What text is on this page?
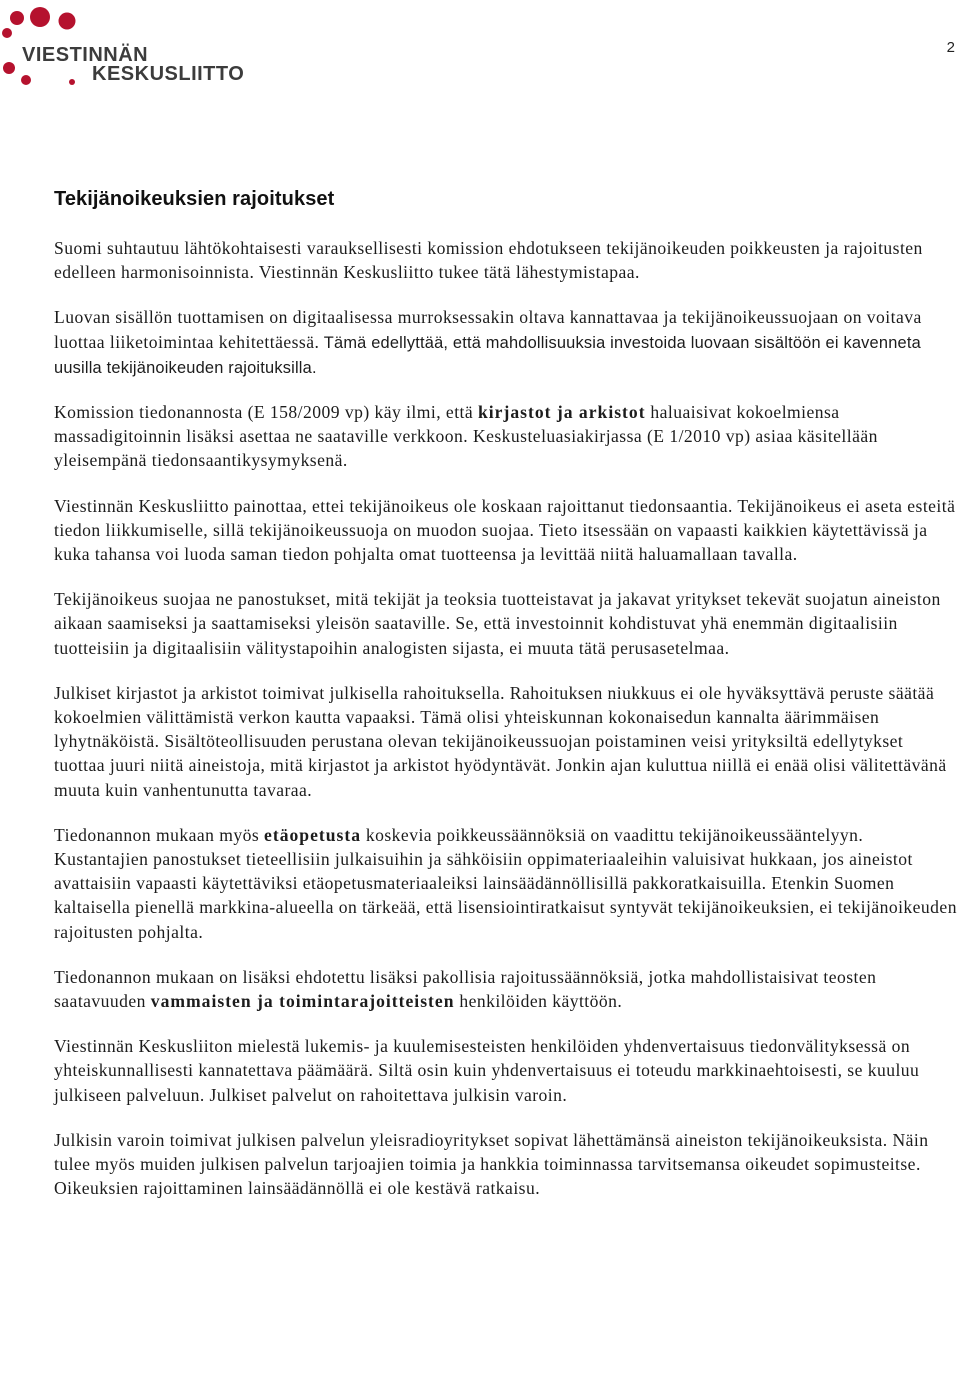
VIESTINNÄN
KESKUSLIITTO
2
Tekijänoikeuksien rajoitukset

Suomi suhtautuu lähtökohtaisesti varauksellisesti komission ehdotukseen tekijänoikeuden poikkeusten ja rajoitusten edelleen harmonisoinnista. Viestinnän Keskusliitto tukee tätä lähestymistapaa.

Luovan sisällön tuottamisen on digitaalisessa murroksessakin oltava kannattavaa ja tekijänoikeussuojaan on voitava luottaa liiketoimintaa kehitettäessä. Tämä edellyttää, että mahdollisuuksia investoida luovaan sisältöön ei kavenneta uusilla tekijänoikeuden rajoituksilla.

Komission tiedonannosta (E 158/2009 vp) käy ilmi, että kirjastot ja arkistot haluaisivat kokoelmiensa massadigitoinnin lisäksi asettaa ne saataville verkkoon. Keskusteluasiakirjassa (E 1/2010 vp) asiaa käsitellään yleisempänä tiedonsaantikysymyksenä.

Viestinnän Keskusliitto painottaa, ettei tekijänoikeus ole koskaan rajoittanut tiedonsaantia. Tekijänoikeus ei aseta esteitä tiedon liikkumiselle, sillä tekijänoikeussuoja on muodon suojaa. Tieto itsessään on vapaasti kaikkien käytettävissä ja kuka tahansa voi luoda saman tiedon pohjalta omat tuotteensa ja levittää niitä haluamallaan tavalla.

Tekijänoikeus suojaa ne panostukset, mitä tekijät ja teoksia tuotteistavat ja jakavat yritykset tekevät suojatun aineiston aikaan saamiseksi ja saattamiseksi yleisön saataville. Se, että investoinnit kohdistuvat yhä enemmän digitaalisiin tuotteisiin ja digitaalisiin välitystapoihin analogisten sijasta, ei muuta tätä perusasetelmaa.

Julkiset kirjastot ja arkistot toimivat julkisella rahoituksella. Rahoituksen niukkuus ei ole hyväksyttävä peruste säätää kokoelmien välittämistä verkon kautta vapaaksi. Tämä olisi yhteiskunnan kokonaisedun kannalta äärimmäisen lyhytnäköistä. Sisältöteollisuuden perustana olevan tekijänoikeussuojan poistaminen veisi yrityksiltä edellytykset tuottaa juuri niitä aineistoja, mitä kirjastot ja arkistot hyödyntävät. Jonkin ajan kuluttua niillä ei enää olisi välitettävänä muuta kuin vanhentunutta tavaraa.

Tiedonannon mukaan myös etäopetusta koskevia poikkeussäännöksiä on vaadittu tekijänoikeussääntelyyn. Kustantajien panostukset tieteellisiin julkaisuihin ja sähköisiin oppimateriaaleihin valuisivat hukkaan, jos aineistot avattaisiin vapaasti käytettäviksi etäopetusmateriaaleiksi lainsäädännöllisillä pakkoratkaisuilla. Etenkin Suomen kaltaisella pienellä markkina-alueella on tärkeää, että lisensiointiratkaisut syntyvät tekijänoikeuksien, ei tekijänoikeuden rajoitusten pohjalta.

Tiedonannon mukaan on lisäksi ehdotettu lisäksi pakollisia rajoitussäännöksiä, jotka mahdollistaisivat teosten saatavuuden vammaisten ja toimintarajoitteisten henkilöiden käyttöön.

Viestinnän Keskusliiton mielestä lukemis- ja kuulemisesteisten henkilöiden yhdenvertaisuus tiedonvälityksessä on yhteiskunnallisesti kannatettava päämäärä. Siltä osin kuin yhdenvertaisuus ei toteudu markkinaehtoisesti, se kuuluu julkiseen palveluun. Julkiset palvelut on rahoitettava julkisin varoin.

Julkisin varoin toimivat julkisen palvelun yleisradioyritykset sopivat lähettämänsä aineiston tekijänoikeuksista. Näin tulee myös muiden julkisen palvelun tarjoajien toimia ja hankkia toiminnassa tarvitsemansa oikeudet sopimusteitse. Oikeuksien rajoittaminen lainsäädännöllä ei ole kestävä ratkaisu.
